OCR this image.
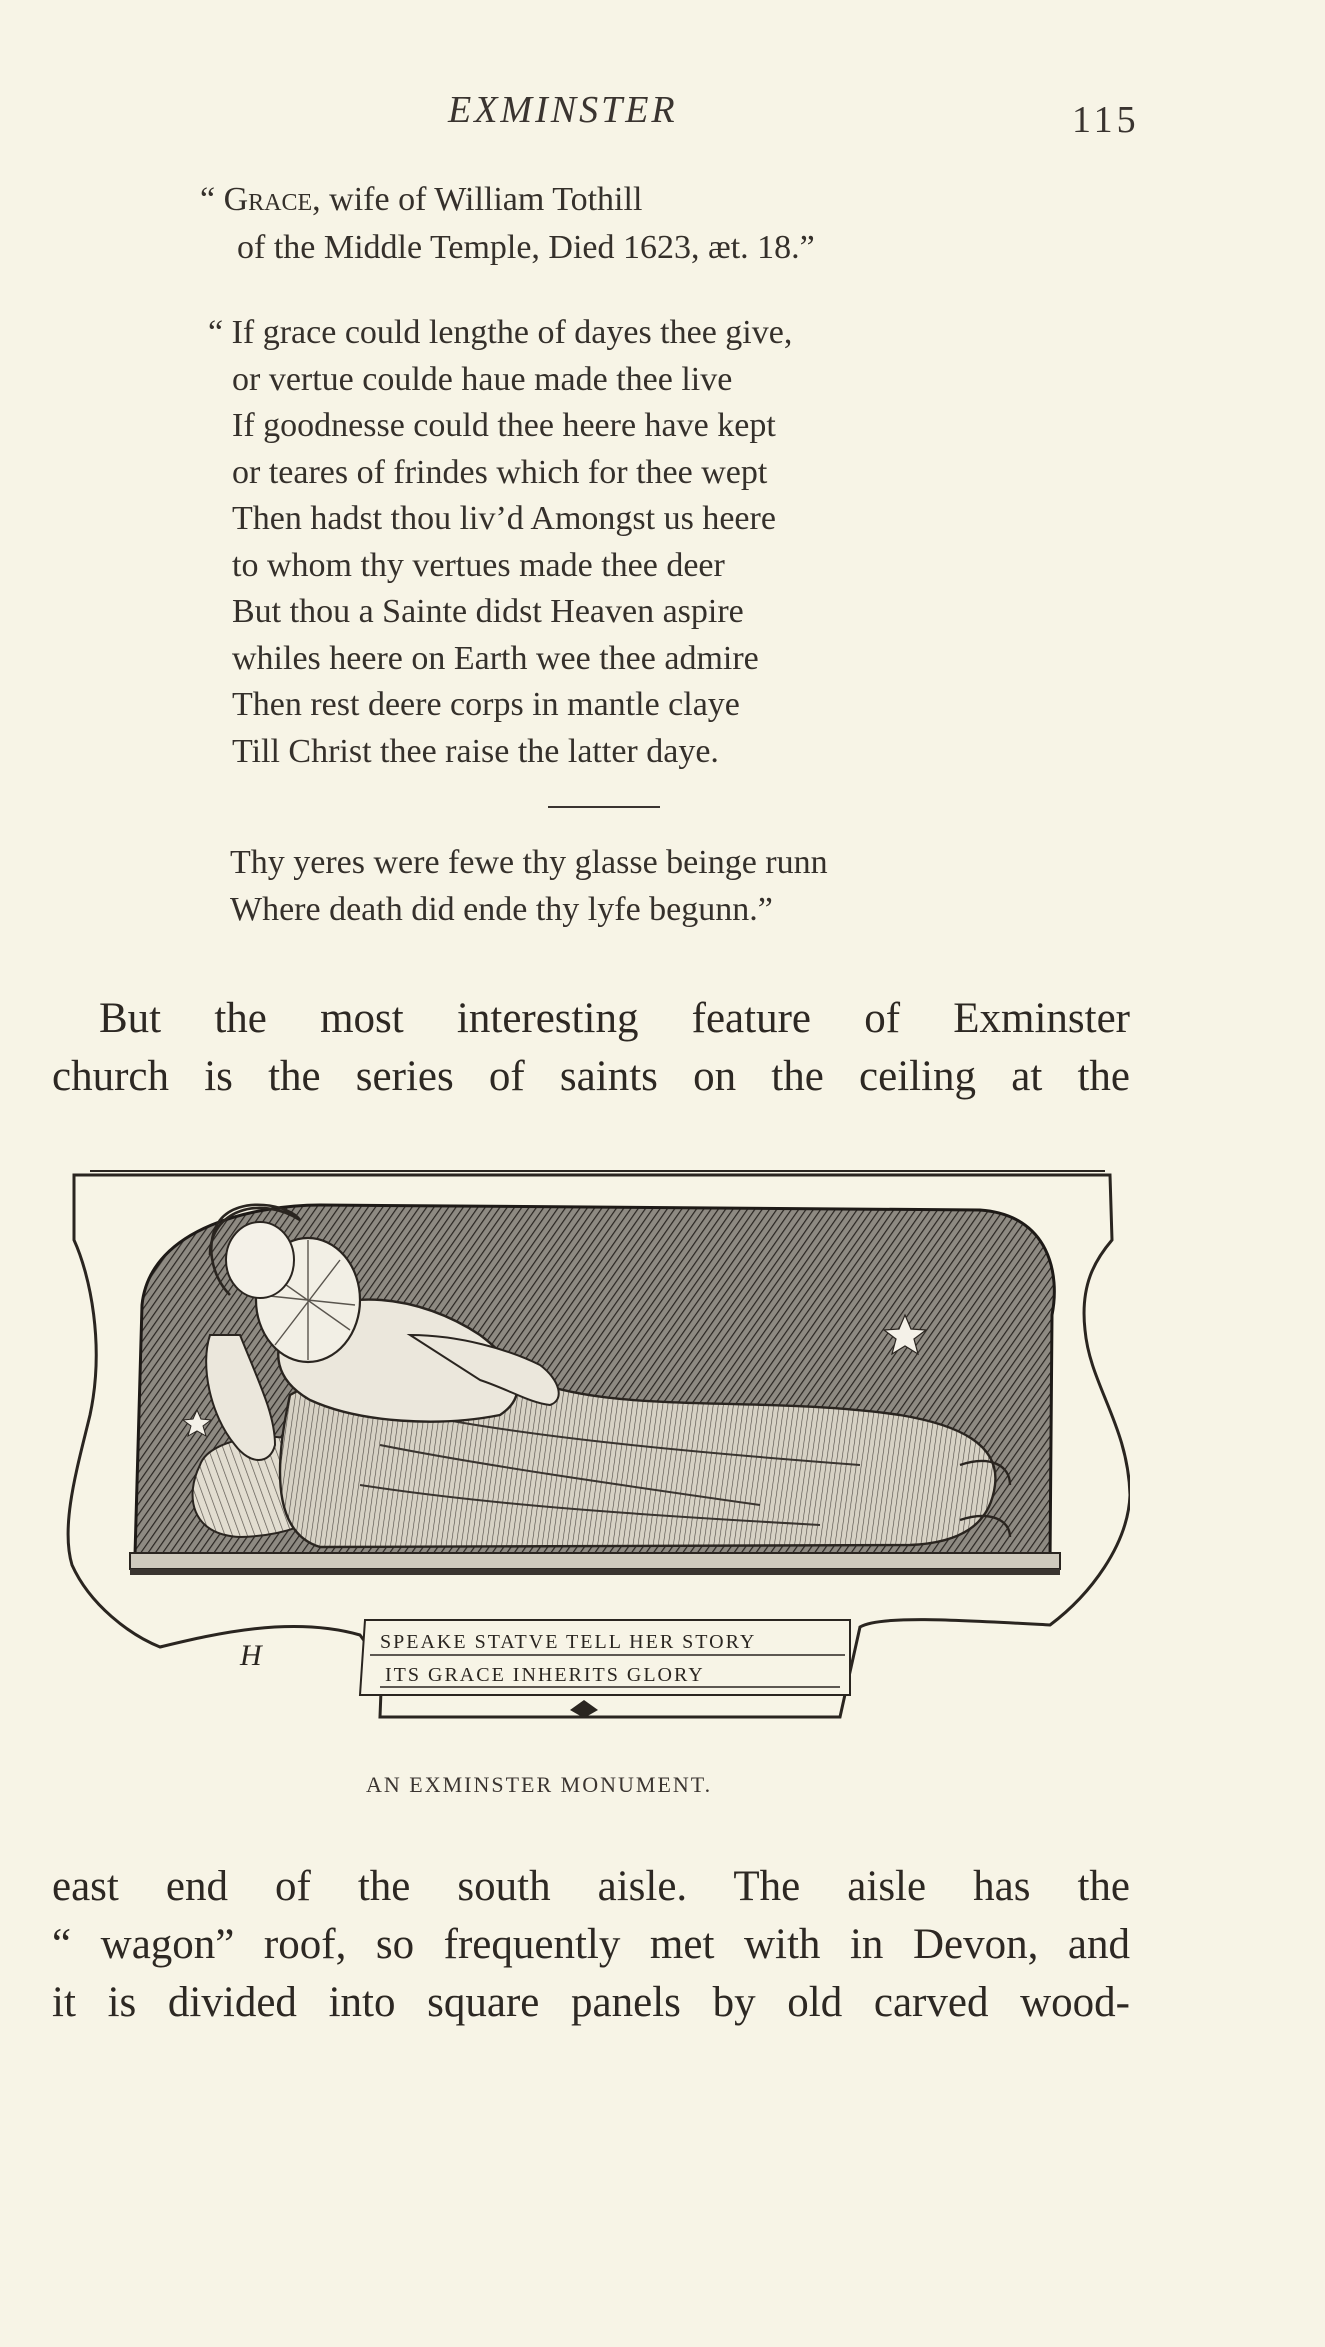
EXMINSTER	115
“ Grace, wife of William Tothill
of the Middle Temple, Died 1623, æt. 18.”
“ If grace could lengthe of dayes thee give,
or vertue coulde haue made thee live
If goodnesse could thee heere have kept
or teares of frindes which for thee wept
Then hadst thou liv’d Amongst us heere
to whom thy vertues made thee deer
But thou a Sainte didst Heaven aspire
whiles heere on Earth wee thee admire
Then rest deere corps in mantle claye
Till Christ thee raise the latter daye.
Thy yeres were fewe thy glasse beinge runn
Where death did ende thy lyfe begunn.”
But the most interesting feature of Exminster
church is the series of saints on the ceiling at the
SPEAKE STATVE TELL HER STORY
ITS GRACE INHERITS GLORY
H
AN EXMINSTER MONUMENT.
east end of the south aisle. The aisle has the
“ wagon” roof, so frequently met with in Devon, and
it is divided into square panels by old carved wood-
